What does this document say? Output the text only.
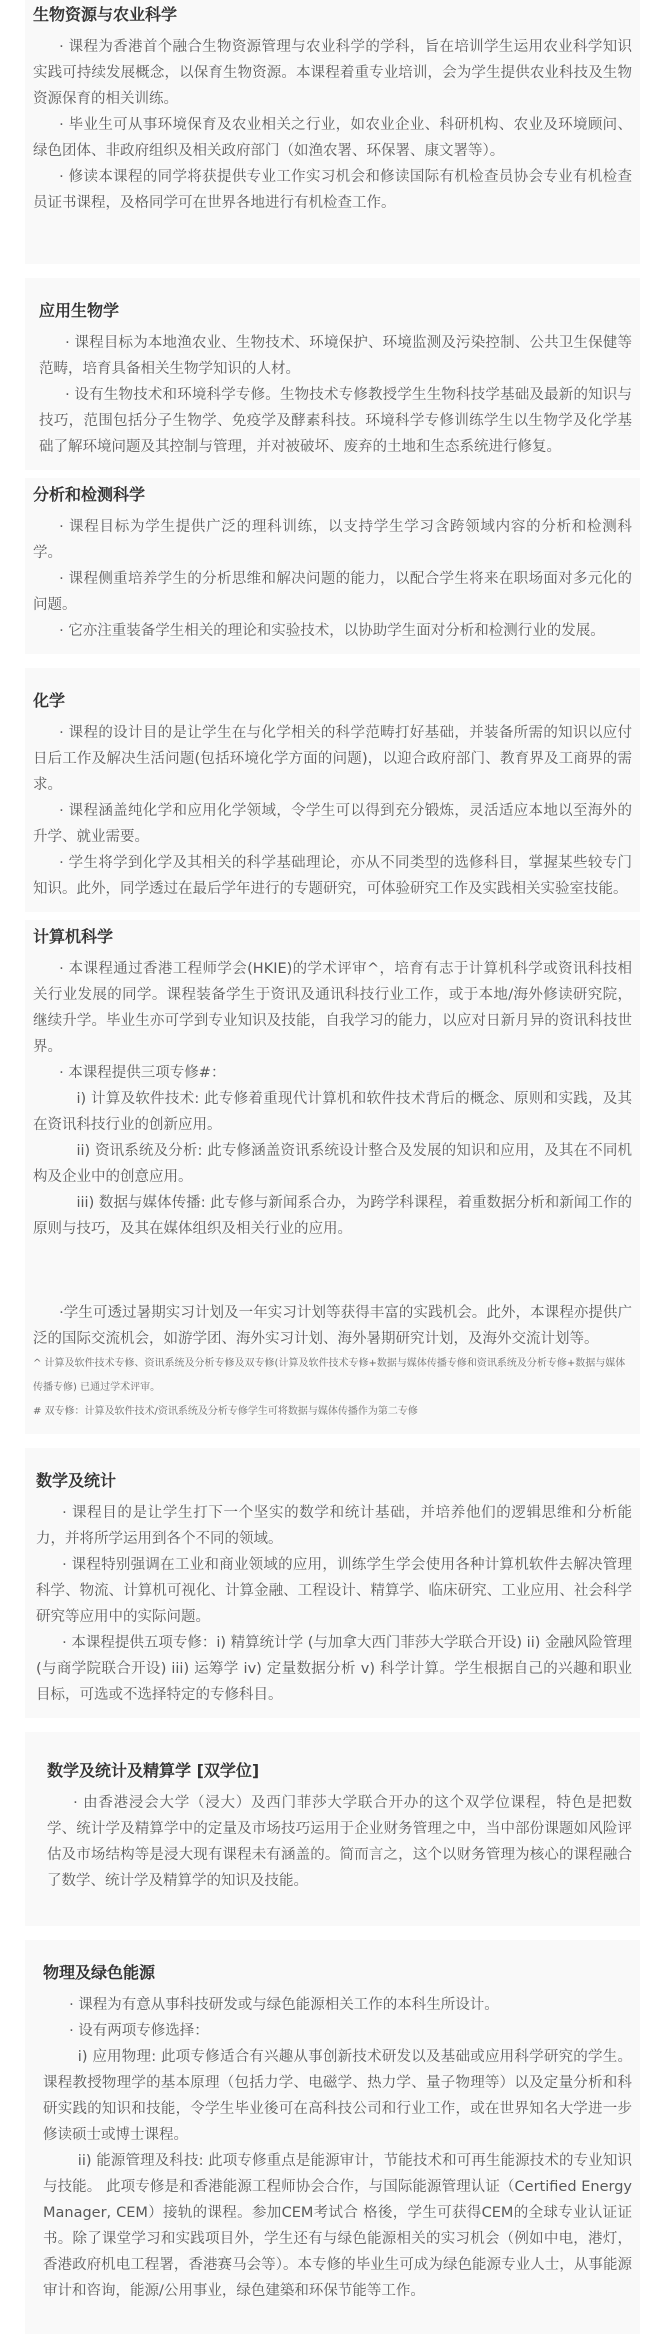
生物资源与农业科学

· 课程为香港首个融合生物资源管理与农业科学的学科，旨在培训学生运用农业科学知识实践可持续发展概念，以保育生物资源。本课程着重专业培训，会为学生提供农业科技及生物资源保育的相关训练。

· 毕业生可从事环境保育及农业相关之行业，如农业企业、科研机构、农业及环境顾问、绿色团体、非政府组织及相关政府部门（如渔农署、环保署、康文署等）。

· 修读本课程的同学将获提供专业工作实习机会和修读国际有机检查员协会专业有机检查员证书课程，及格同学可在世界各地进行有机检查工作。

应用生物学

· 课程目标为本地渔农业、生物技术、环境保护、环境监测及污染控制、公共卫生保健等范畴，培育具备相关生物学知识的人材。

· 设有生物技术和环境科学专修。生物技术专修教授学生生物科技学基础及最新的知识与技巧，范围包括分子生物学、免疫学及酵素科技。环境科学专修训练学生以生物学及化学基础了解环境问题及其控制与管理，并对被破坏、废弃的土地和生态系统进行修复。

分析和检测科学

· 课程目标为学生提供广泛的理科训练，以支持学生学习含跨领域内容的分析和检测科学。

· 课程侧重培养学生的分析思维和解决问题的能力，以配合学生将来在职场面对多元化的问题。

· 它亦注重装备学生相关的理论和实验技术，以协助学生面对分析和检测行业的发展。

化学

· 课程的设计目的是让学生在与化学相关的科学范畴打好基础，并装备所需的知识以应付日后工作及解决生活问题(包括环境化学方面的问题)，以迎合政府部门、教育界及工商界的需求。

· 课程涵盖纯化学和应用化学领域，令学生可以得到充分锻炼，灵活适应本地以至海外的升学、就业需要。

· 学生将学到化学及其相关的科学基础理论，亦从不同类型的选修科目，掌握某些较专门知识。此外，同学透过在最后学年进行的专题研究，可体验研究工作及实践相关实验室技能。

计算机科学

· 本课程通过香港工程师学会(HKIE)的学术评审^，培育有志于计算机科学或资讯科技相关行业发展的同学。课程装备学生于资讯及通讯科技行业工作，或于本地/海外修读研究院，继续升学。毕业生亦可学到专业知识及技能，自我学习的能力，以应对日新月异的资讯科技世界。

· 本课程提供三项专修#：

i) 计算及软件技术: 此专修着重现代计算机和软件技术背后的概念、原则和实践，及其在资讯科技行业的创新应用。

ii) 资讯系统及分析: 此专修涵盖资讯系统设计整合及发展的知识和应用，及其在不同机构及企业中的创意应用。

iii) 数据与媒体传播: 此专修与新闻系合办，为跨学科课程，着重数据分析和新闻工作的原则与技巧，及其在媒体组织及相关行业的应用。

·学生可透过暑期实习计划及一年实习计划等获得丰富的实践机会。此外，本课程亦提供广泛的国际交流机会，如游学团、海外实习计划、海外暑期研究计划，及海外交流计划等。

^ 计算及软件技术专修、资讯系统及分析专修及双专修(计算及软件技术专修+数据与媒体传播专修和资讯系统及分析专修+数据与媒体传播专修) 已通过学术评审。

# 双专修：计算及软件技术/资讯系统及分析专修学生可将数据与媒体传播作为第二专修

数学及统计

· 课程目的是让学生打下一个坚实的数学和统计基础，并培养他们的逻辑思维和分析能力，并将所学运用到各个不同的领域。

· 课程特别强调在工业和商业领域的应用，训练学生学会使用各种计算机软件去解决管理科学、物流、计算机可视化、计算金融、工程设计、精算学、临床研究、工业应用、社会科学研究等应用中的实际问题。

· 本课程提供五项专修：i) 精算统计学 (与加拿大西门菲莎大学联合开设) ii) 金融风险管理 (与商学院联合开设) iii) 运筹学 iv) 定量数据分析 v) 科学计算。学生根据自己的兴趣和职业目标，可选或不选择特定的专修科目。

数学及统计及精算学 [双学位]

· 由香港浸会大学（浸大）及西门菲莎大学联合开办的这个双学位课程，特色是把数学、统计学及精算学中的定量及市场技巧运用于企业财务管理之中，当中部份课题如风险评估及市场结构等是浸大现有课程未有涵盖的。简而言之，这个以财务管理为核心的课程融合了数学、统计学及精算学的知识及技能。

物理及绿色能源

· 课程为有意从事科技研发或与绿色能源相关工作的本科生所设计。

· 设有两项专修选择：

i) 应用物理: 此项专修适合有兴趣从事创新技术研发以及基础或应用科学研究的学生。课程教授物理学的基本原理（包括力学、电磁学、热力学、量子物理等）以及定量分析和科研实践的知识和技能，令学生毕业後可在高科技公司和行业工作，或在世界知名大学进一步修读硕士或博士课程。

ii) 能源管理及科技: 此项专修重点是能源审计，节能技术和可再生能源技术的专业知识与技能。 此项专修是和香港能源工程师协会合作，与国际能源管理认证（Certified Energy Manager, CEM）接轨的课程。参加CEM考试合 格後，学生可获得CEM的全球专业认证证书。除了课堂学习和实践项目外，学生还有与绿色能源相关的实习机会（例如中电，港灯，香港政府机电工程署，香港赛马会等）。本专修的毕业生可成为绿色能源专业人士，从事能源审计和咨询，能源/公用事业，绿色建築和环保节能等工作。
